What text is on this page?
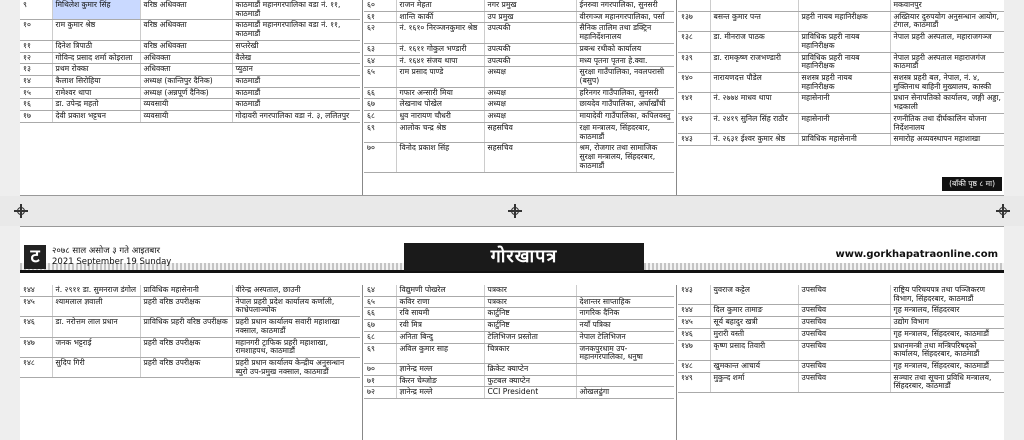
९	मिथिलेश कुमार सिंह	वरिष्ठ अधिवक्ता	काठमाडौं महानगरपालिका वडा नं. ११, काठमाडौं
१०	राम कुमार श्रेष्ठ	वरिष्ठ अधिवक्ता	काठमाडौं महानगरपालिका वडा नं. ११, काठमाडौं
११	दिनेश त्रिपाठी	वरिष्ठ अधिवक्ता	सप्तरेखी
१२	गोविन्द प्रसाद शर्मा कोइराला	अधिवक्ता	वैलेख
१३	प्रथम रोक्का	अधिवक्ता	प्युठान
१४	कैलाश सिरोहिया	अध्यक्ष (कान्तिपुर दैनिक)	काठमाडौं
१५	रामेश्वर थापा	अध्यक्ष (अन्नपूर्ण दैनिक)	काठमाडौं
१६	डा. उपेन्द्र महतो	व्यवसायी	काठमाडौं
१७	देवी प्रकाश भट्टचन	व्यवसायी	गोदावरी नगरपालिका वडा नं. ३, ललितपुर
६०	राजन मेहता	नगर प्रमुख	ईनरुवा नगरपालिका, सुनसरी
६१	शान्ति कार्की	उप प्रमुख	वीरगञ्ज महानगरपालिका, पर्सा
६२	नं. १६१० निरञ्जनकुमार श्रेष्ठ	उपत्यकी	सैनिक तालिम तथा डक्ट्रिन महानिर्देशनालय
६३	नं. १६११ गोकुल भण्डारी	उपत्यकी	प्रबन्ध रथीको कार्यालय
६४	नं. १६४१ संजय थापा	उपत्यकी	मध्य पृतना पृतना हे.क्वा.
६५	राम प्रसाद पाण्डे	अध्यक्ष	सुरक्षा गाउँपालिका, नवलपरासी (बसुप)
६६	गफार अन्सारी मिया	अध्यक्ष	हरिनगर गाउँपालिका, सुनसरी
६७	लेखनाथ पोखेल	अध्यक्ष	छायदेव गाउँपालिका, अर्घाखाँची
६८	धुव नारायण चौधरी	अध्यक्ष	मायादेवी गाउँपालिका, कपिलवस्तु
६९	आलोक चन्द्र श्रेष्ठ	सहसचिव	रक्षा मन्त्रालय, सिंहदरबार, काठमाडौं
७०	विनोद प्रकाश सिंह	सहसचिव	श्रम, रोजगार तथा सामाजिक सुरक्षा मन्त्रालय, सिंहदरबार, काठमाडौं
			मकवानपुर
१३७	बसन्त कुमार पन्त	प्रहरी नायब महानिरीक्षक	अख्तियार दुरुपयोग अनुसन्धान आयोग, टंगाल, काठमाडौं
१३८	डा. मीनराज पाठक	प्राविधिक प्रहरी नायब महानिरीक्षक	नेपाल प्रहरी अस्पताल, महाराजगञ्ज
१३९	डा. रामकृष्ण राजभण्डारी	प्राविधिक प्रहरी नायब महानिरीक्षक	नेपाल प्रहरी अस्पताल महाराजगंज काठमाडौं
१४०	नारायणदत्त पौडेल	सशस्त्र प्रहरी नायब महानिरीक्षक	सशस्त्र प्रहरी बल, नेपाल, नं. ४, मुक्तिनाथ बाहिनी मुख्यालय, कास्की
१४१	नं. २७७४ माधव थापा	महासेनानी	प्रधान सेनापतिको कार्यालय, जङ्गी अड्डा, भद्रकाली
१४२	नं. २४१९ सुनिल सिंह राठौर	महासेनानी	रणनीतिक तथा दीर्घकालिन योजना निर्देशनालय
१४३	नं. २६३१ ईश्वर कुमार श्रेष्ठ	प्राविधिक महासेनानी	समारोह अव्यवस्थापन महाशाखा
(बाँकी पृष्ठ ८ मा)
ट	२०७८ साल असोज ३ गते आइतबार
2021 September 19 Sunday	गोरखापत्र	www.gorkhapatraonline.com
१४४	नं. २९११ डा. सुमनराज डंगोल	प्राविधिक महासेनानी	वीरेन्द्र अस्पताल, छाउनी
१४५	श्यामलाल ज्ञवाली	प्रहरी वरिष्ठ उपरीक्षक	नेपाल प्रहरी प्रदेश कार्यालय कर्णाली, काभ्रेपलाञ्चोक
१४६	डा. नरोत्तम लाल प्रधान	प्राविधिक प्रहरी वरिष्ठ उपरीक्षक	प्रहरी प्रधान कार्यालय सवारी महाशाखा नक्साल, काठमाडौं
१४७	जनक भट्टराई	प्रहरी वरिष्ठ उपरीक्षक	महानगरी ट्राफिक प्रहरी महाशाखा, रामशाहपथ, काठमाडौं
१४८	सुदिप गिरी	प्रहरी वरिष्ठ उपरीक्षक	प्रहरी प्रधान कार्यालय केन्द्रीय अनुसन्धान ब्युरो उप-प्रमुख नक्साल, काठमाडौं
६४	विद्युमणी पोखरेल	पत्रकार	
६५	कविर राणा	पत्रकार	देशान्तर साप्ताहिक
६६	रवि सायमी	कार्टुनिष्ट	नागरिक दैनिक
६७	रवी मित्र	कार्टुनिष्ट	नयाँ पत्रिका
६८	अनिता बिन्दु	टेलिभिजन प्रस्तोता	नेपाल टेलिभिजन
६९	अविल कुमार साह	चित्रकार	जनकपुरधाम उप-महानगरपालिका, धनुषा
७०	ज्ञानेन्द्र मल्ल	क्रिकेट क्याप्टेन	
७१	किरन चेम्जोङ	फुटबल क्याप्टेन	
७२	ज्ञानेन्द्र मल्ले	CCI President	ओखलढुंगा
१४३	युवराज कट्टेल	उपसचिव	राष्ट्रिय परिचयपत्र तथा पञ्जिकरण विभाग, सिंहदरबार, काठमाडौं
१४४	दिल कुमार तामाङ	उपसचिव	गृह मन्त्रालय, सिंहदरबार
१४५	सूर्य बहादुर खत्री	उपसचिव	उद्योग विभाग
१४६	मुरारी वस्ती	उपसचिव	गृह मन्त्रालय, सिंहदरबार, काठमाडौं
१४७	कृष्ण प्रसाद तिवारी	उपसचिव	प्रधानमन्त्री तथा मन्त्रिपरिषद्को कार्यालय, सिंहदरबार, काठमाडौं
१४८	खुमकान्त आचार्य	उपसचिव	गृह मन्त्रालय, सिंहदरबार, काठमाडौं
१४९	मुकुन्द शर्मा	उपसचिव	सञ्चार तथा सूचना प्रविधि मन्त्रालय, सिंहदरबार, काठमाडौं
